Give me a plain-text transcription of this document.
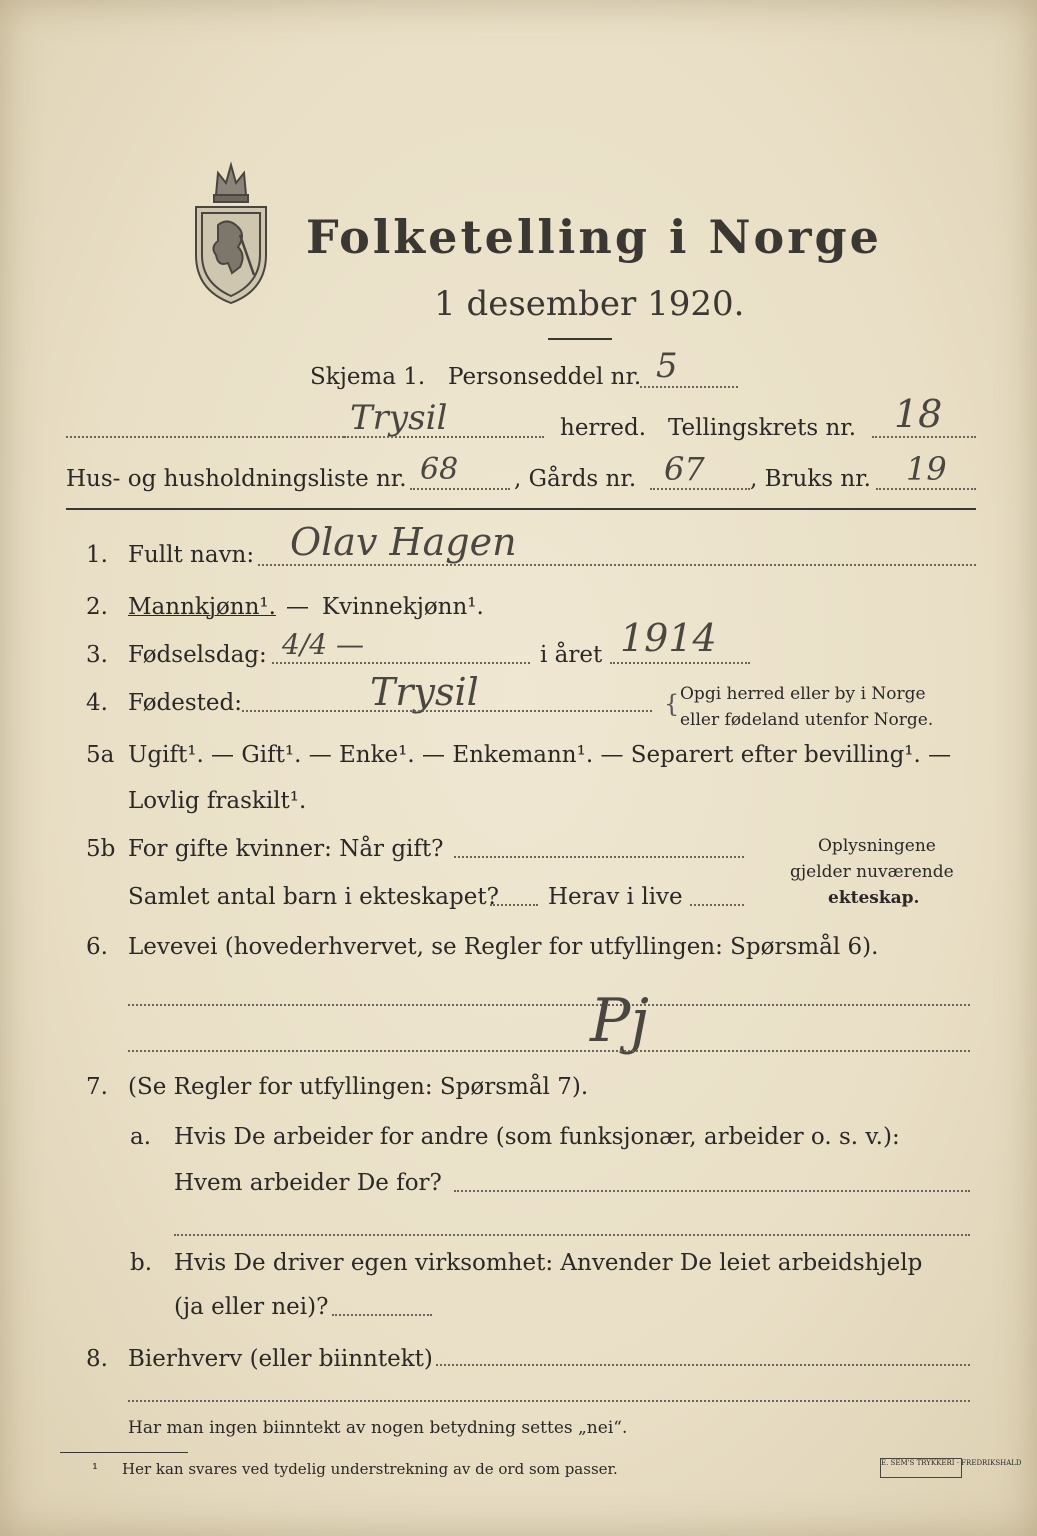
Folketelling i Norge
1 desember 1920.
Skjema 1. Personseddel nr. 5
Trysil	herred. Tellingskrets nr. 18
Hus- og husholdningsliste nr. 68 , Gårds nr. 67 , Bruks nr. 19
1. Fullt navn: Olav Hagen
2. Mannkjønn¹. — Kvinnekjønn¹.
3. Fødselsdag: 4/4 —	i året 1914
4. Fødested:	Trysil	{ Opgi herred eller by i Norge
eller fødeland utenfor Norge.
5a Ugift¹. — Gift¹. — Enke¹. — Enkemann¹. — Separert efter bevilling¹. —
Lovlig fraskilt¹.
5b For gifte kvinner: Når gift?
Samlet antal barn i ekteskapet? Herav i live
Oplysningene
gjelder nuværende
ekteskap.
6. Levevei (hovederhvervet, se Regler for utfyllingen: Spørsmål 6).
Pj
7. (Se Regler for utfyllingen: Spørsmål 7).
a. Hvis De arbeider for andre (som funksjonær, arbeider o. s. v.):
Hvem arbeider De for?
b. Hvis De driver egen virksomhet: Anvender De leiet arbeidshjelp
(ja eller nei)?
8. Bierhverv (eller biinntekt)
Har man ingen biinntekt av nogen betydning settes „nei“.
¹ Her kan svares ved tydelig understrekning av de ord som passer.	E. SEM'S TRYKKERI · FREDRIKSHALD
